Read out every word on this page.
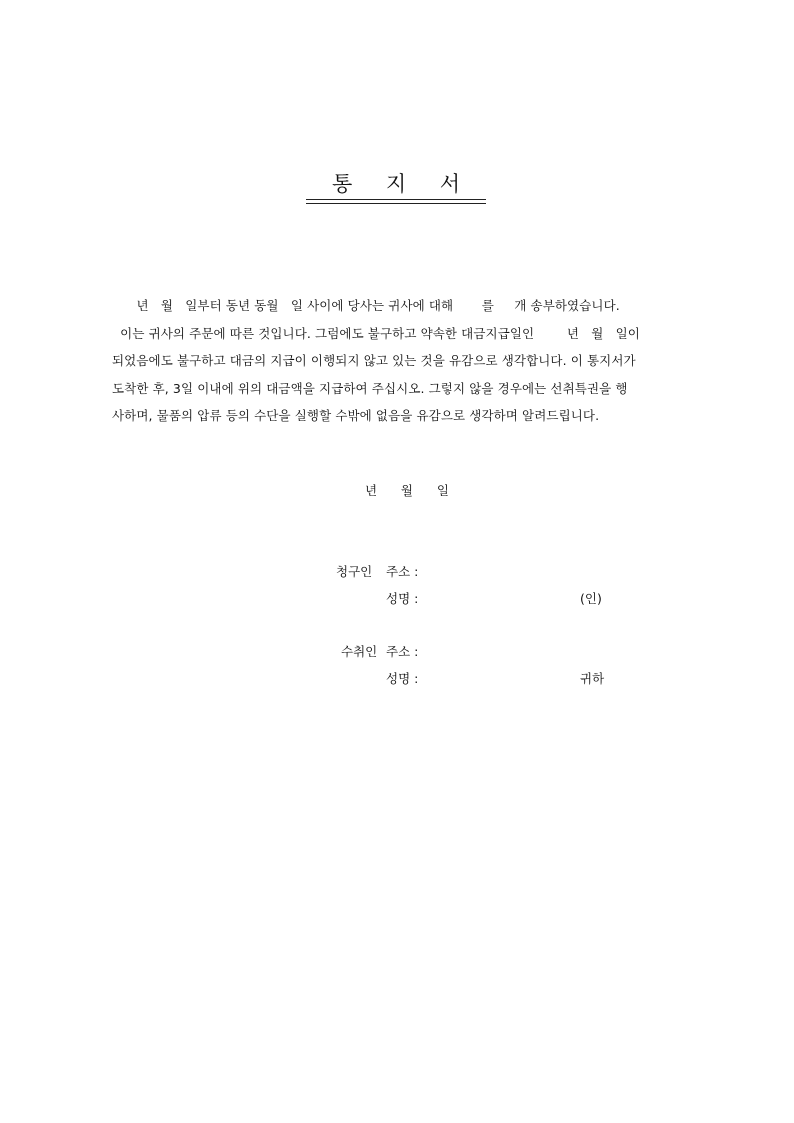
통 지 서

년   월   일부터 동년 동월   일 사이에 당사는 귀사에 대해       를     개 송부하였습니다.

이는 귀사의 주문에 따른 것입니다. 그럼에도 불구하고 약속한 대금지급일인        년   월   일이

되었음에도 불구하고 대금의 지급이 이행되지 않고 있는 것을 유감으로 생각합니다. 이 통지서가

도착한 후, 3일 이내에 위의 대금액을 지급하여 주십시오. 그렇지 않을 경우에는 선취특권을 행

사하며, 물품의 압류 등의 수단을 실행할 수밖에 없음을 유감으로 생각하며 알려드립니다.

년      월      일
청구인 주소 :
성명 :	(인)
수취인 주소 :
성명 :	귀하
